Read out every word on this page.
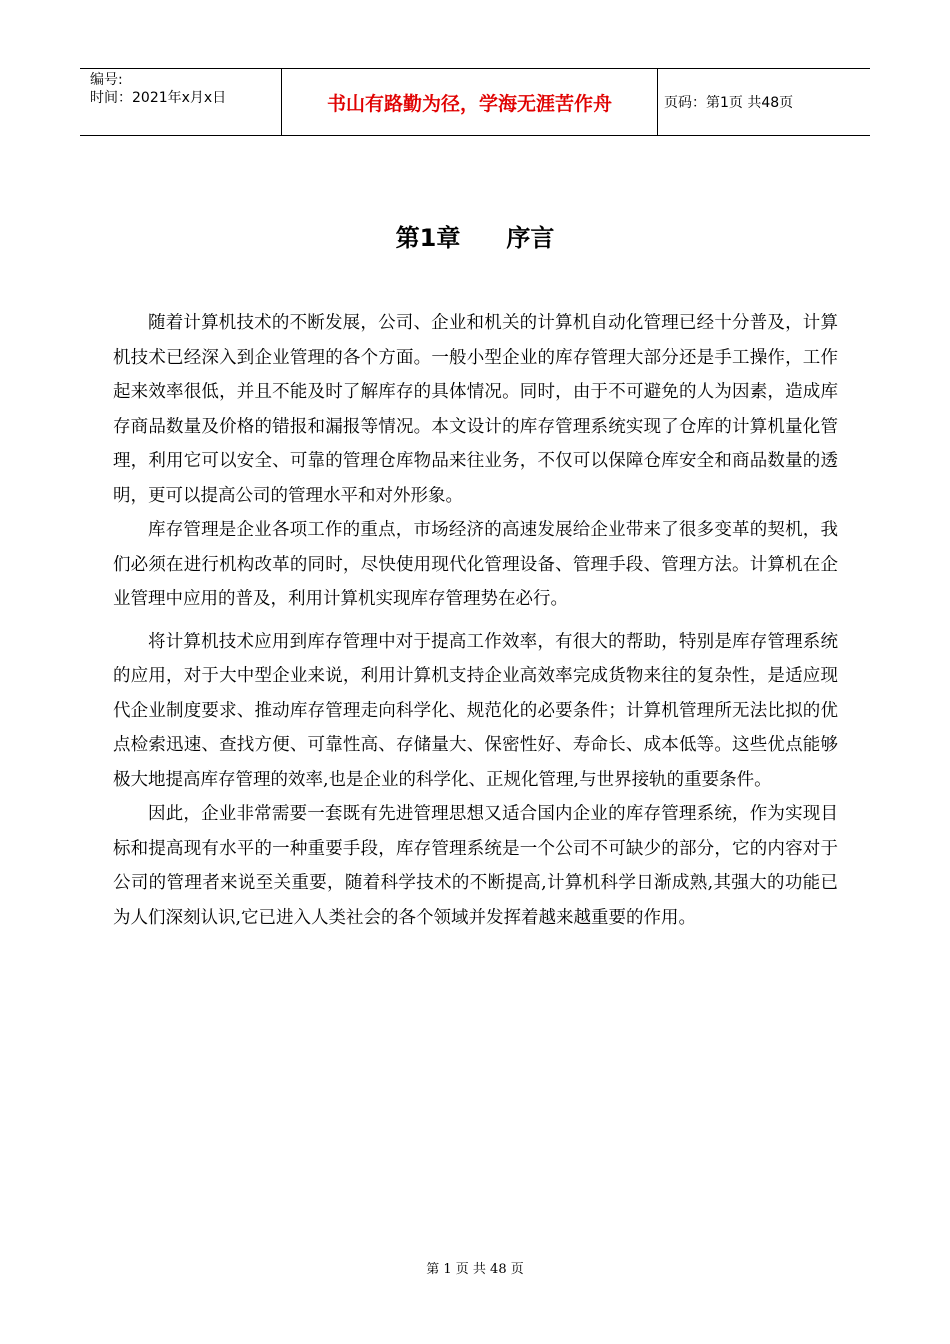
编号:
时间：2021年x月x日	书山有路勤为径，学海无涯苦作舟	页码：第1页 共48页
第1章 序言

随着计算机技术的不断发展，公司、企业和机关的计算机自动化管理已经十分普及，计算机技术已经深入到企业管理的各个方面。一般小型企业的库存管理大部分还是手工操作，工作起来效率很低，并且不能及时了解库存的具体情况。同时，由于不可避免的人为因素，造成库存商品数量及价格的错报和漏报等情况。本文设计的库存管理系统实现了仓库的计算机量化管理，利用它可以安全、可靠的管理仓库物品来往业务，不仅可以保障仓库安全和商品数量的透明，更可以提高公司的管理水平和对外形象。

库存管理是企业各项工作的重点，市场经济的高速发展给企业带来了很多变革的契机，我们必须在进行机构改革的同时，尽快使用现代化管理设备、管理手段、管理方法。计算机在企业管理中应用的普及，利用计算机实现库存管理势在必行。

将计算机技术应用到库存管理中对于提高工作效率，有很大的帮助，特别是库存管理系统的应用，对于大中型企业来说，利用计算机支持企业高效率完成货物来往的复杂性，是适应现代企业制度要求、推动库存管理走向科学化、规范化的必要条件；计算机管理所无法比拟的优点检索迅速、查找方便、可靠性高、存储量大、保密性好、寿命长、成本低等。这些优点能够极大地提高库存管理的效率,也是企业的科学化、正规化管理,与世界接轨的重要条件。

因此，企业非常需要一套既有先进管理思想又适合国内企业的库存管理系统，作为实现目标和提高现有水平的一种重要手段，库存管理系统是一个公司不可缺少的部分，它的内容对于公司的管理者来说至关重要，随着科学技术的不断提高,计算机科学日渐成熟,其强大的功能已为人们深刻认识,它已进入人类社会的各个领域并发挥着越来越重要的作用。

第 1 页 共 48 页
